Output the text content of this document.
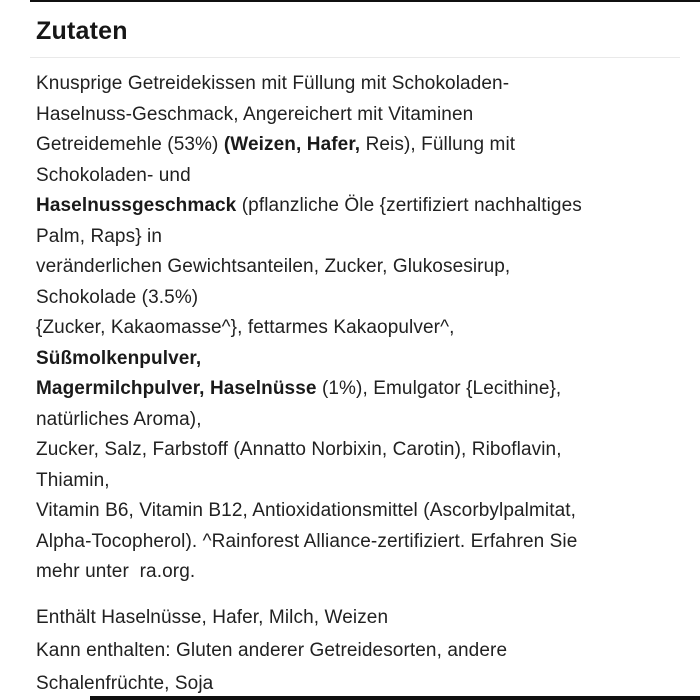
Zutaten
Knusprige Getreidekissen mit Füllung mit Schokoladen-
Haselnuss-Geschmack, Angereichert mit Vitaminen
Getreidemehle (53%) (Weizen, Hafer, Reis), Füllung mit
Schokoladen- und
Haselnussgeschmack (pflanzliche Öle {zertifiziert nachhaltiges
Palm, Raps} in
veränderlichen Gewichtsanteilen, Zucker, Glukosesirup,
Schokolade (3.5%)
{Zucker, Kakaomasse^}, fettarmes Kakaopulver^,
Süßmolkenpulver,
Magermilchpulver, Haselnüsse (1%), Emulgator {Lecithine},
natürliches Aroma),
Zucker, Salz, Farbstoff (Annatto Norbixin, Carotin), Riboflavin,
Thiamin,
Vitamin B6, Vitamin B12, Antioxidationsmittel (Ascorbylpalmitat,
Alpha-Tocopherol). ^Rainforest Alliance-zertifiziert. Erfahren Sie
mehr unter  ra.org.
Enthält Haselnüsse, Hafer, Milch, Weizen
Kann enthalten: Gluten anderer Getreidesorten, andere
Schalenfrüchte, Soja
